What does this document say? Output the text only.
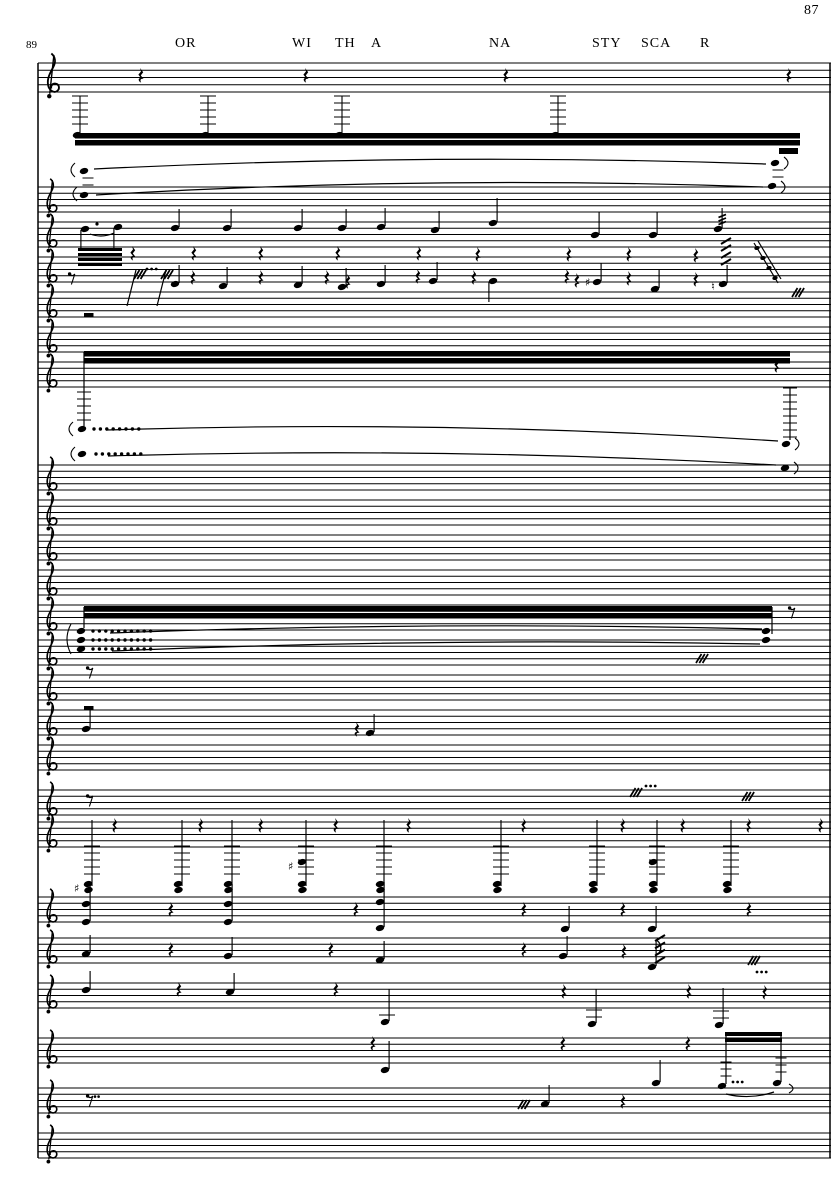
87
89	OR	WI TH A	NA	STY SCA R
♯	♮
♯
♯
